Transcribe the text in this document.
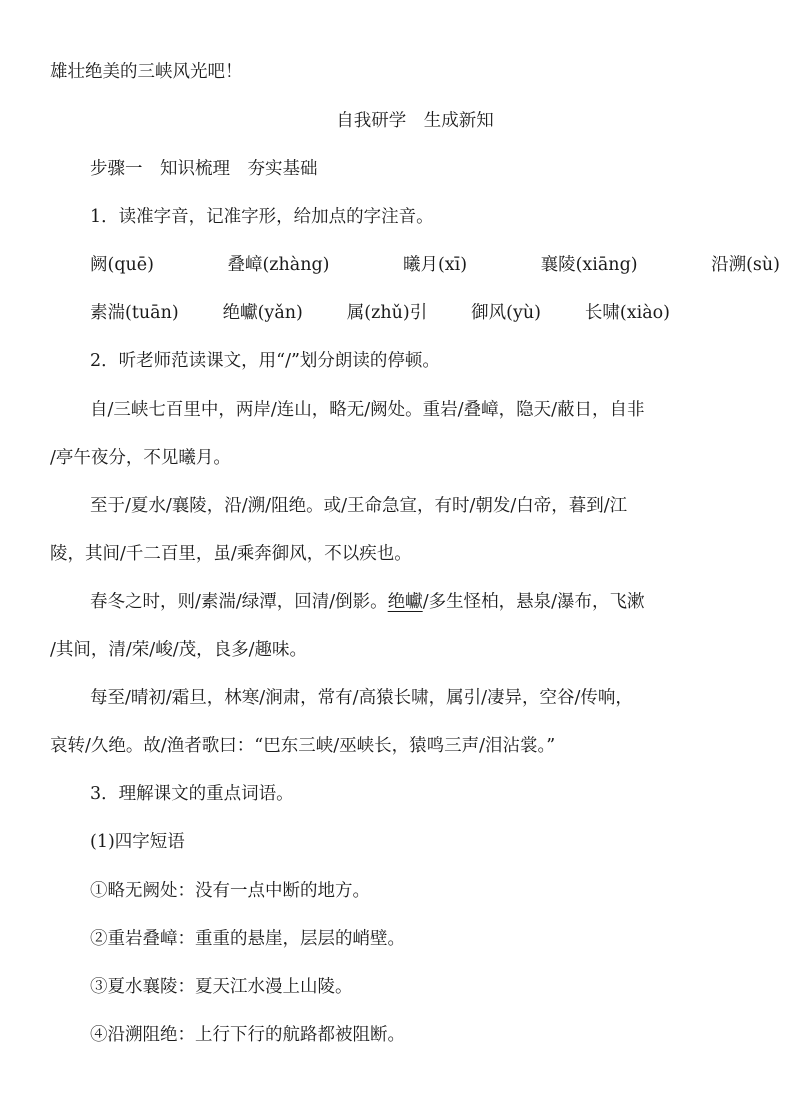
雄壮绝美的三峡风光吧！
自我研学　生成新知
步骤一　知识梳理　夯实基础
1．读准字音，记准字形，给加点的字注音。
阙(quē)	叠嶂(zhàng)	曦月(xī)	襄陵(xiāng)	沿溯(sù)
素湍(tuān)	绝巘(yǎn)	属(zhǔ)引	御风(yù)	长啸(xiào)
2．听老师范读课文，用“/”划分朗读的停顿。
自/三峡七百里中，两岸/连山，略无/阙处。重岩/叠嶂，隐天/蔽日，自非
/亭午夜分，不见曦月。
至于/夏水/襄陵，沿/溯/阻绝。或/王命急宣，有时/朝发/白帝，暮到/江
陵，其间/千二百里，虽/乘奔御风，不以疾也。
春冬之时，则/素湍/绿潭，回清/倒影。绝巘/多生怪柏，悬泉/瀑布，飞漱
/其间，清/荣/峻/茂，良多/趣味。
每至/晴初/霜旦，林寒/涧肃，常有/高猿长啸，属引/凄异，空谷/传响，
哀转/久绝。故/渔者歌曰：“巴东三峡/巫峡长，猿鸣三声/泪沾裳。”
3．理解课文的重点词语。
(1)四字短语
①略无阙处：没有一点中断的地方。
②重岩叠嶂：重重的悬崖，层层的峭壁。
③夏水襄陵：夏天江水漫上山陵。
④沿溯阻绝：上行下行的航路都被阻断。
